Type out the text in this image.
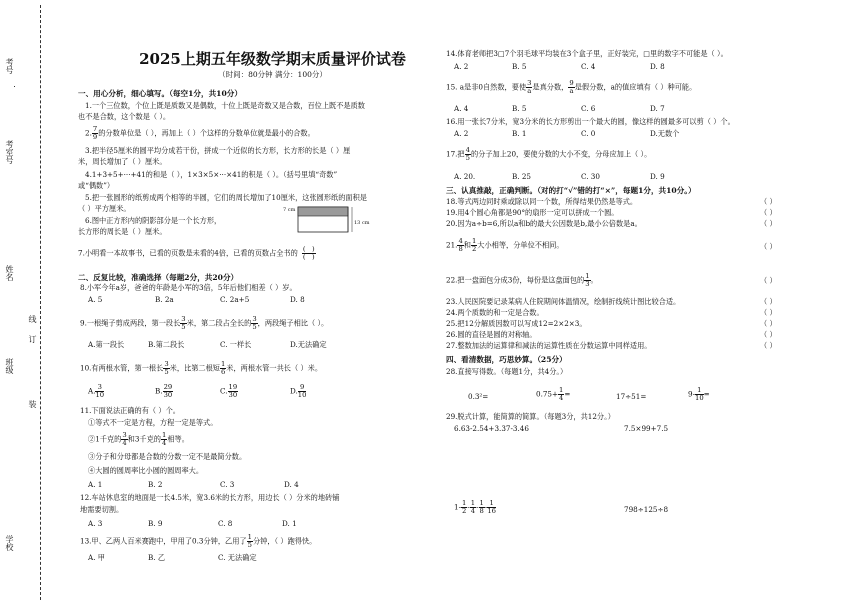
考号
考室号
姓名
线
订
班级
装
学校
2025上期五年级数学期末质量评价试卷
（时间：80分钟 满分：100分）
一、用心分析，细心填写。（每空1分，共10分）
1.一个三位数，个位上既是质数又是偶数，十位上既是奇数又是合数，百位上既不是质数
也不是合数，这个数是（ ）。
2. $\frac{7}{9}$ 的分数单位是（ ），再加上（ ）个这样的分数单位就是最小的合数。
3.把半径5厘米的圆平均分成若干份，拼成一个近似的长方形，长方形的长是（ ）厘
米，周长增加了（ ）厘米。
4.1+3+5+···+41的和是（ ），1×3×5×···×41的积是（ ）。（括号里填“奇数”
或“偶数”）
5.把一张圆形的纸剪成两个相等的半圆，它们的周长增加了10厘米，这张圆形纸的面积是
（ ）平方厘米。
6.图中正方形内的阴影部分是一个长方形，
长方形的周长是（ ）厘米。
7 cm
13 cm
7.小明看一本故事书，已看的页数是未看的4倍，已看的页数占全书的 $\frac{( )}{( )}$
二、反复比较，准确选择（每题2分，共20分）
8.小军今年a岁，爸爸的年龄是小军的3倍，5年后他们相差（ ）岁。
A. 5	B. 2a	C. 2a+5	D. 8
9.一根绳子剪成两段，第一段长 $\frac{3}{5}$ 米，第二段占全长的 $\frac{3}{5}$ ，两段绳子相比（ ）。
A.第一段长	B.第二段长	C. 一样长	D.无法确定
10.有两根水管，第一根长 $\frac{3}{5}$ 米，比第二根短 $\frac{1}{6}$ 米，两根水管一共长（ ）米。
A. $\frac{3}{10}$	B. $\frac{29}{30}$	C. $\frac{19}{30}$	D. $\frac{9}{10}$
11.下面说法正确的有（ ）个。
①等式不一定是方程，方程一定是等式。
②1千克的 $\frac{3}{4}$ 和3千克的 $\frac{1}{4}$ 相等。
③分子和分母都是合数的分数一定不是最简分数。
④大圆的圆周率比小圆的圆周率大。
A. 1	B. 2	C. 3	D. 4
12.车站休息室的地面是一长4.5米，宽3.6米的长方形，用边长（ ）分米的地砖铺
地需要切割。
A. 3	B. 9	C. 8	D. 1
13.甲、乙两人百米赛跑中，甲用了0.3分钟，乙用了 $\frac{1}{5}$ 分钟，（ ）跑得快。
A. 甲	B. 乙	C. 无法确定
14.体育老师把3□7个羽毛球平均装在3个盒子里，正好装完，□里的数字不可能是（ ）。
A. 2	B. 5	C. 4	D. 8
15. a是非0自然数，要使 $\frac{3}{a}$ 是真分数， $\frac{9}{a}$ 是假分数，a的值应填有（ ）种可能。
A. 4	B. 5	C. 6	D. 7
16.用一张长7分米，宽3分米的长方形剪出一个最大的圆，像这样的圆最多可以剪（ ）个。
A. 2	B. 1	C. 0	D.无数个
17.把 $\frac{4}{5}$ 的分子加上20，要使分数的大小不变，分母应加上（ ）。
A. 20.	B. 25	C. 30	D. 9
三、认真推敲，正确判断。（对的打“√”错的打“×”，每题1分，共10分。）
18.等式两边同时乘或除以同一个数，所得结果仍然是等式。	（ ）
19.用4个圆心角都是90°的扇形一定可以拼成一个圆。	（ ）
20.因为a÷b=6,所以a和b的最大公因数是b,最小公倍数是a。	（ ）
21. $\frac{4}{8}$ 和 $\frac{1}{2}$ 大小相等，分单位不相同。	（ ）
22.把一盘面包分成3份，每份是这盘面包的 $\frac{1}{3}$ 。	（ ）
23.人民医院要记录某病人住院期间体温情况，绘制折线统计图比较合适。	（ ）
24.两个质数的和一定是合数。	（ ）
25.把12分解质因数可以写成12=2×2×3。	（ ）
26.圆的直径是圆的对称轴。	（ ）
27.整数加法的运算律和减法的运算性质在分数运算中同样适用。	（ ）
四、看清数据，巧思妙算。（25分）
28.直接写得数。（每题1分，共4分。）
0.3²=	$0.75+ \frac{1}{4}$ =	17÷51=	$9- \frac{1}{10}$ =
29.脱式计算，能简算的简算。（每题3分，共12分。）
6.63-2.54+3.37-3.46	7.5×99+7.5
$1- \frac{1}{2} - \frac{1}{4} - \frac{1}{8} - \frac{1}{16}$	798÷125÷8
